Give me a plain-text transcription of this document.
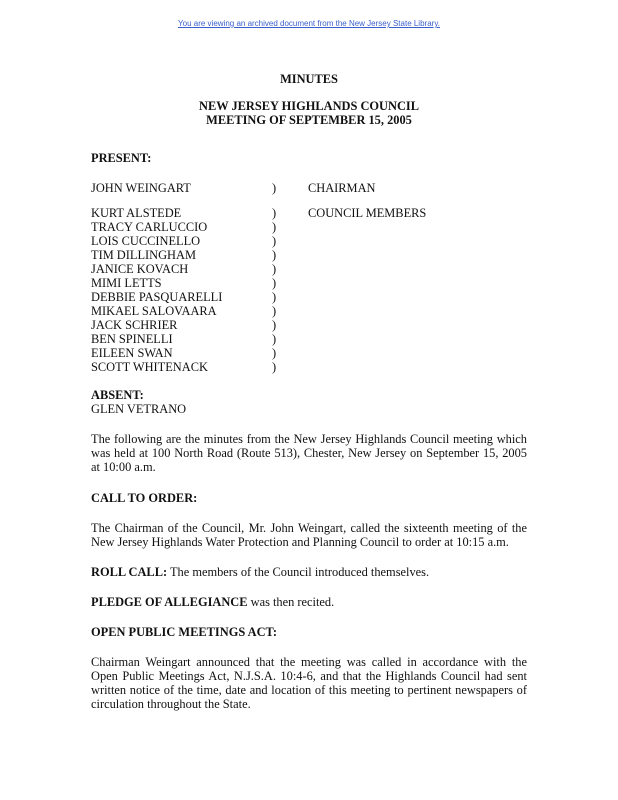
You are viewing an archived document from the New Jersey State Library.
MINUTES
NEW JERSEY HIGHLANDS COUNCIL
MEETING OF SEPTEMBER 15, 2005
PRESENT:
JOHN WEINGART	)	CHAIRMAN
KURT ALSTEDE	)	COUNCIL MEMBERS
TRACY CARLUCCIO	)
LOIS CUCCINELLO	)
TIM DILLINGHAM	)
JANICE KOVACH	)
MIMI LETTS	)
DEBBIE PASQUARELLI	)
MIKAEL SALOVAARA	)
JACK SCHRIER	)
BEN SPINELLI	)
EILEEN SWAN	)
SCOTT WHITENACK	)
ABSENT:
GLEN VETRANO

The following are the minutes from the New Jersey Highlands Council meeting which was held at 100 North Road (Route 513), Chester, New Jersey on September 15, 2005 at 10:00 a.m.

CALL TO ORDER:

The Chairman of the Council, Mr. John Weingart, called the sixteenth meeting of the New Jersey Highlands Water Protection and Planning Council to order at 10:15 a.m.

ROLL CALL: The members of the Council introduced themselves.

PLEDGE OF ALLEGIANCE was then recited.

OPEN PUBLIC MEETINGS ACT:

Chairman Weingart announced that the meeting was called in accordance with the Open Public Meetings Act, N.J.S.A. 10:4-6, and that the Highlands Council had sent written notice of the time, date and location of this meeting to pertinent newspapers of circulation throughout the State.
